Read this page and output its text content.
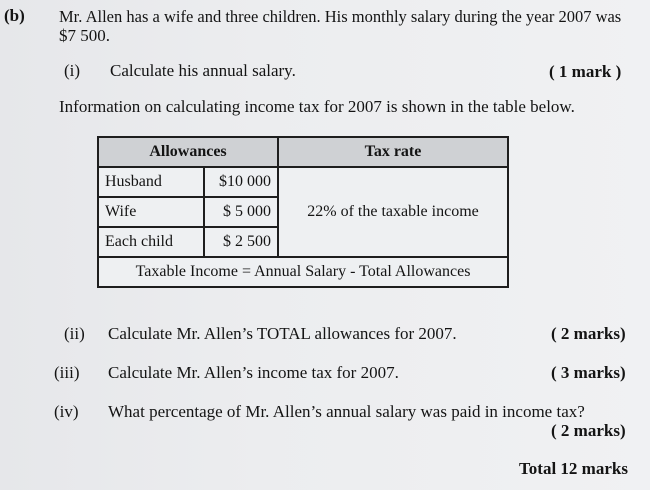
(b) Mr. Allen has a wife and three children. His monthly salary during the year 2007 was
$7 500.
(i) Calculate his annual salary.	( 1 mark )
Information on calculating income tax for 2007 is shown in the table below.
Allowances		Tax rate
Husband	$10 000	22% of the taxable income
Wife	$ 5 000	
Each child	$ 2 500	
Taxable Income = Annual Salary - Total Allowances		
(ii) Calculate Mr. Allen’s TOTAL allowances for 2007.	( 2 marks)
(iii) Calculate Mr. Allen’s income tax for 2007.	( 3 marks)
(iv) What percentage of Mr. Allen’s annual salary was paid in income tax?
( 2 marks)
Total 12 marks
